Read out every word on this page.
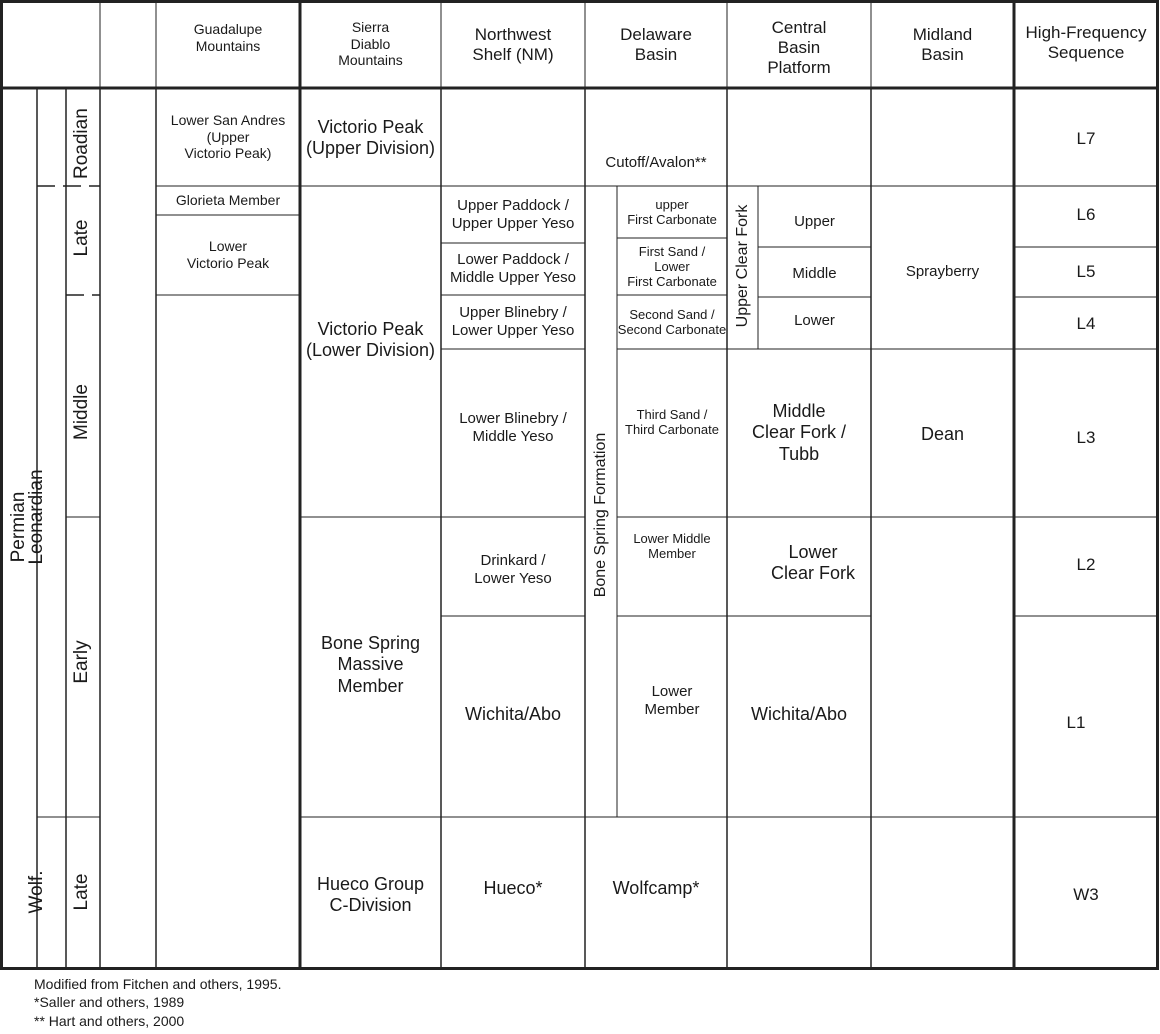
Guadalupe
Mountains
Sierra
Diablo
Mountains
Northwest
Shelf (NM)
Delaware
Basin
Central
Basin
Platform
Midland
Basin
High-Frequency
Sequence
Permian
Leonardian
Wolf.
Roadian
Late
Middle
Early
Late
Lower San Andres
(Upper
Victorio Peak)
Glorieta Member
Lower
Victorio Peak
Victorio Peak
(Upper Division)
Victorio Peak
(Lower Division)
Bone Spring
Massive
Member
Hueco Group
C-Division
Upper Paddock /
Upper Upper Yeso
Lower Paddock /
Middle Upper Yeso
Upper Blinebry /
Lower Upper Yeso
Lower Blinebry /
Middle Yeso
Drinkard /
Lower Yeso
Wichita/Abo
Hueco*
Cutoff/Avalon**
Bone Spring Formation
upper
First Carbonate
First Sand /
Lower
First Carbonate
Second Sand /
Second Carbonate
Third Sand /
Third Carbonate
Lower Middle
Member
Lower
Member
Wolfcamp*
Upper Clear Fork	Upper
Middle
Lower
Middle
Clear Fork /
Tubb
Lower
Clear Fork
Wichita/Abo
Sprayberry
Dean
L7
L6
L5
L4
L3
L2
L1
W3
Modified from Fitchen and others, 1995.
*Saller and others, 1989
** Hart and others, 2000
